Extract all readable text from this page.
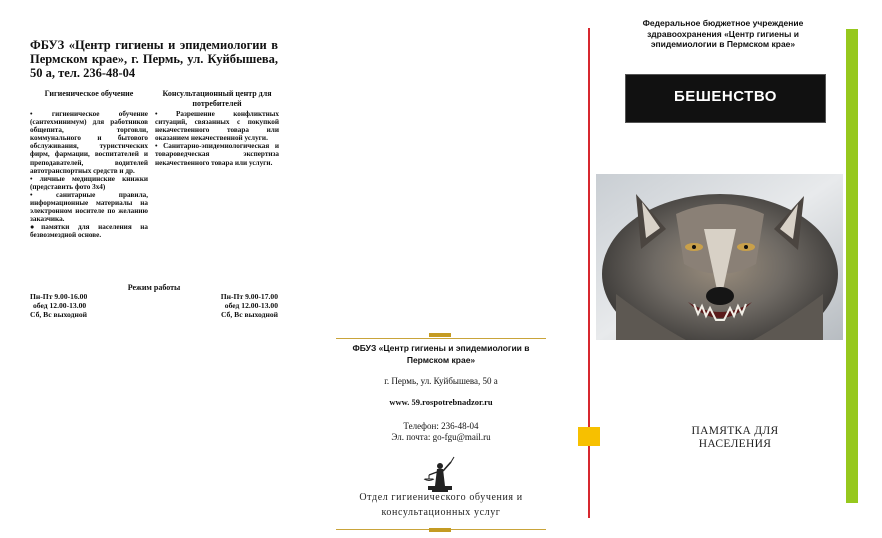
ФБУЗ «Центр гигиены и эпидемиологии в Пермском крае», г. Пермь, ул. Куйбышева, 50 а, тел. 236-48-04
Гигиеническое обучение

• гигиеническое обучение (сантехминимум) для работников общепита, торговли, коммунального и бытового обслуживания, туристических фирм, фармации, воспитателей и преподавателей, водителей автотранспортных средств и др.

• личные медицинские книжки (представить фото 3х4)

• санитарные правила, информационные материалы на электронном носителе по желанию заказчика.

●памятки для населения на безвозмездной основе.

Консультационный центр для потребителей

• Разрешение конфликтных ситуаций, связанных с покупкой некачественного товара или оказанием некачественной услуги.

• Санитарно-эпидемиологическая и товароведческая экспертиза некачественного товара или услуги.

Режим работы
Пн-Пт 9.00-16.00
обед 12.00-13.00
Сб, Вс выходной
Пн-Пт 9.00-17.00
обед 12.00-13.00
Сб, Вс выходной
ФБУЗ «Центр гигиены и эпидемиологии в Пермском крае»
г. Пермь, ул. Куйбышева, 50 а
www. 59.rospotrebnadzor.ru
Телефон: 236-48-04
Эл. почта: go-fgu@mail.ru
Отдел гигиенического обучения и консультационных услуг
Федеральное бюджетное учреждение здравоохранения «Центр гигиены и эпидемиологии в Пермском крае»
БЕШЕНСТВО
ПАМЯТКА ДЛЯ НАСЕЛЕНИЯ
